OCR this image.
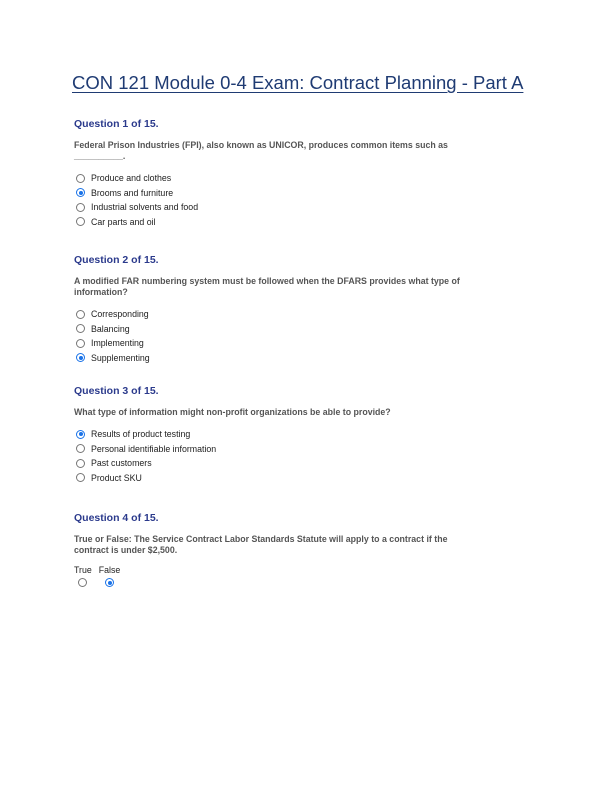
CON 121 Module 0-4 Exam: Contract Planning - Part A
Question 1 of 15.
Federal Prison Industries (FPI), also known as UNICOR, produces common items such as __________.
Produce and clothes
Brooms and furniture
Industrial solvents and food
Car parts and oil
Question 2 of 15.
A modified FAR numbering system must be followed when the DFARS provides what type of information?
Corresponding
Balancing
Implementing
Supplementing
Question 3 of 15.
What type of information might non-profit organizations be able to provide?
Results of product testing
Personal identifiable information
Past customers
Product SKU
Question 4 of 15.
True or False: The Service Contract Labor Standards Statute will apply to a contract if the contract is under $2,500.
True False
